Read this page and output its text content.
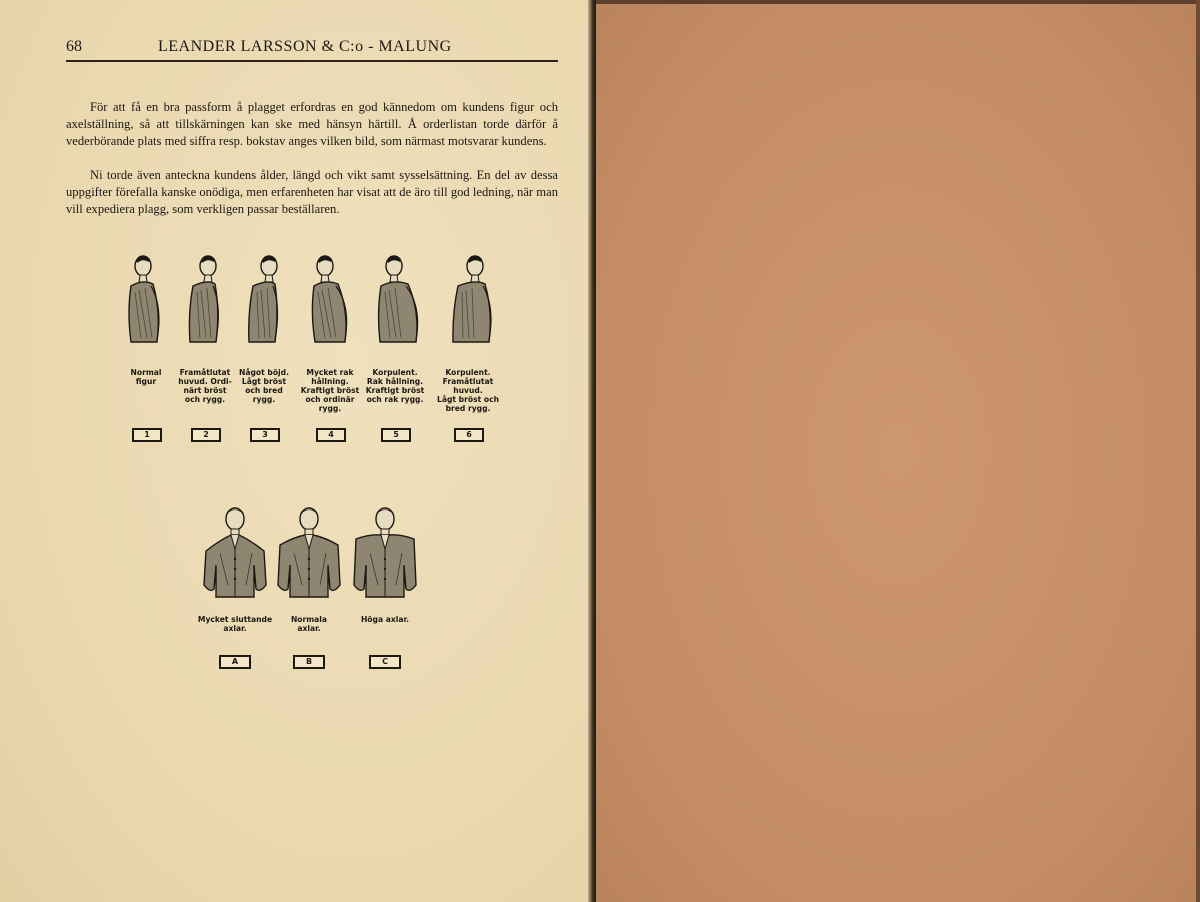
68	LEANDER LARSSON & C:o - MALUNG
För att få en bra passform å plagget erfordras en god kännedom om kundens figur och axelställning, så att tillskärningen kan ske med hänsyn härtill. Å orderlistan torde därför å vederbörande plats med siffra resp. bokstav anges vilken bild, som närmast motsvarar kundens.
Ni torde även anteckna kundens ålder, längd och vikt samt sysselsättning. En del av dessa uppgifter förefalla kanske onödiga, men erfarenheten har visat att de äro till god ledning, när man vill expediera plagg, som verkligen passar beställaren.
Normal
figur
1
Framåtlutat
huvud. Ordi-
närt bröst
och rygg.
2
Något böjd.
Lågt bröst
och bred
rygg.
3
Mycket rak
hållning.
Kraftigt bröst
och ordinär
rygg.
4
Korpulent.
Rak hållning.
Kraftigt bröst
och rak rygg.
5
Korpulent.
Framåtlutat
huvud.
Lågt bröst och
bred rygg.
6
Mycket sluttande
axlar.
A
Normala
axlar.
B
Höga axlar.
C
